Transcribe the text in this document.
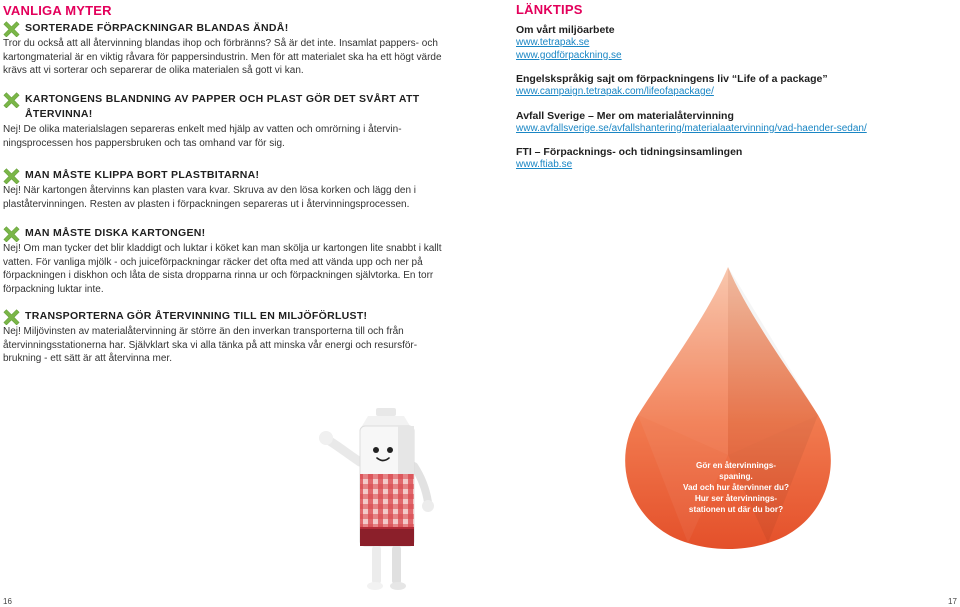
VANLIGA MYTER
SORTERADE FÖRPACKNINGAR BLANDAS ÄNDÅ!

Tror du också att all återvinning blandas ihop och förbränns? Så är det inte. Insamlat pappers- och kartongmaterial är en viktig råvara för pappersindustrin. Men för att materialet ska ha ett högt värde krävs att vi sorterar och separerar de olika materialen så gott vi kan.

KARTONGENS BLANDNING AV PAPPER OCH PLAST GÖR DET SVÅRT ATT ÅTERVINNA!

Nej! De olika materialslagen separeras enkelt med hjälp av vatten och omrörning i återvin- ningsprocessen hos pappersbruken och tas omhand var för sig.

MAN MÅSTE KLIPPA BORT PLASTBITARNA!

Nej! När kartongen återvinns kan plasten vara kvar. Skruva av den lösa korken och lägg den i plaståtervinningen. Resten av plasten i förpackningen separeras ut i återvinningsprocessen.

MAN MÅSTE DISKA KARTONGEN!

Nej! Om man tycker det blir kladdigt och luktar i köket kan man skölja ur kartongen lite snabbt i kallt vatten. För vanliga mjölk - och juiceförpackningar räcker det ofta med att vända upp och ner på förpackningen i diskhon och låta de sista dropparna rinna ur och förpackningen självtorka. En torr förpackning luktar inte.

TRANSPORTERNA GÖR ÅTERVINNING TILL EN MILJÖFÖRLUST!

Nej! Miljövinsten av materialåtervinning är större än den inverkan transporterna till och från återvinningsstationerna har. Självklart ska vi alla tänka på att minska vår energi och resursför- brukning - ett sätt är att återvinna mer.

LÄNKTIPS

Om vårt miljöarbete

www.tetrapak.se
www.godförpackning.se

Engelskspråkig sajt om förpackningens liv “Life of a package”

www.campaign.tetrapak.com/lifeofapackage/

Avfall Sverige – Mer om materialåtervinning

www.avfallsverige.se/avfallshantering/materialaatervinning/vad-haender-sedan/

FTI – Förpacknings- och tidningsinsamlingen

www.ftiab.se
Gör en återvinnings-
spaning.
Vad och hur återvinner du?
Hur ser återvinnings-
stationen ut där du bor?
16	17
